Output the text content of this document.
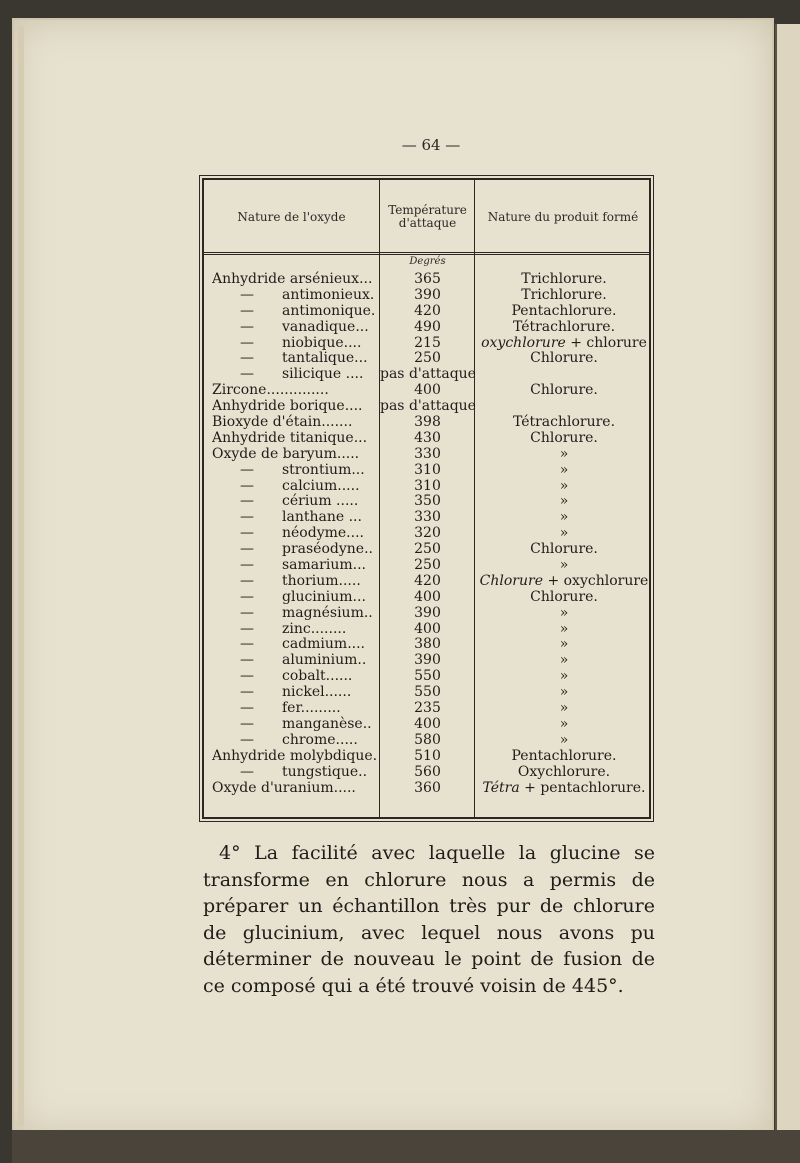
— 64 —
Nature de l'oxyde	Température d'attaque	Nature du produit formé
Degrés
Anhydride arsénieux...	365	Trichlorure.
— antimonieux.	390	Trichlorure.
— antimonique.	420	Pentachlorure.
— vanadique...	490	Tétrachlorure.
— niobique....	215	oxychlorure + chlorure
— tantalique...	250	Chlorure.
— silicique ....	pas d'attaque
Zircone..............	400	Chlorure.
Anhydride borique....	pas d'attaque
Bioxyde d'étain.......	398	Tétrachlorure.
Anhydride titanique...	430	Chlorure.
Oxyde de baryum.....	330	»
— strontium...	310	»
— calcium.....	310	»
— cérium .....	350	»
— lanthane ...	330	»
— néodyme....	320	»
— praséodyne..	250	Chlorure.
— samarium...	250	»
— thorium.....	420	Chlorure + oxychlorure
— glucinium...	400	Chlorure.
— magnésium..	390	»
— zinc........	400	»
— cadmium....	380	»
— aluminium..	390	»
— cobalt......	550	»
— nickel......	550	»
— fer.........	235	»
— manganèse..	400	»
— chrome.....	580	»
Anhydride molybdique.	510	Pentachlorure.
— tungstique..	560	Oxychlorure.
Oxyde d'uranium.....	360	Tétra + pentachlorure.

4° La facilité avec laquelle la glucine se transforme en chlorure nous a permis de préparer un échantillon très pur de chlorure de glucinium, avec lequel nous avons pu déterminer de nouveau le point de fusion de ce composé qui a été trouvé voisin de 445°.
